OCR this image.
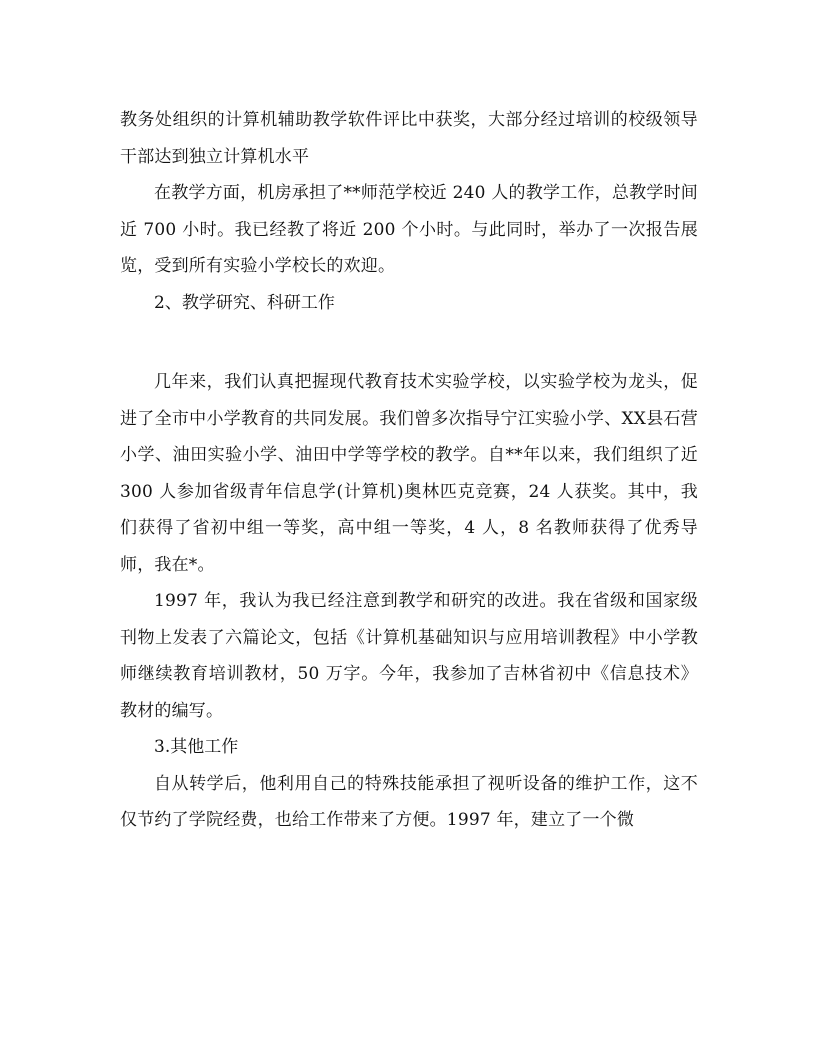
教务处组织的计算机辅助教学软件评比中获奖，大部分经过培训的校级领导干部达到独立计算机水平

在教学方面，机房承担了**师范学校近 240 人的教学工作，总教学时间近 700 小时。我已经教了将近 200 个小时。与此同时，举办了一次报告展览，受到所有实验小学校长的欢迎。

2、教学研究、科研工作

几年来，我们认真把握现代教育技术实验学校，以实验学校为龙头，促进了全市中小学教育的共同发展。我们曾多次指导宁江实验小学、XX县石营小学、油田实验小学、油田中学等学校的教学。自**年以来，我们组织了近 300 人参加省级青年信息学(计算机)奥林匹克竞赛，24 人获奖。其中，我们获得了省初中组一等奖，高中组一等奖，4 人，8 名教师获得了优秀导师，我在*。

1997 年，我认为我已经注意到教学和研究的改进。我在省级和国家级刊物上发表了六篇论文，包括《计算机基础知识与应用培训教程》中小学教师继续教育培训教材，50 万字。今年，我参加了吉林省初中《信息技术》教材的编写。

3.其他工作

自从转学后，他利用自己的特殊技能承担了视听设备的维护工作，这不仅节约了学院经费，也给工作带来了方便。1997 年，建立了一个微
